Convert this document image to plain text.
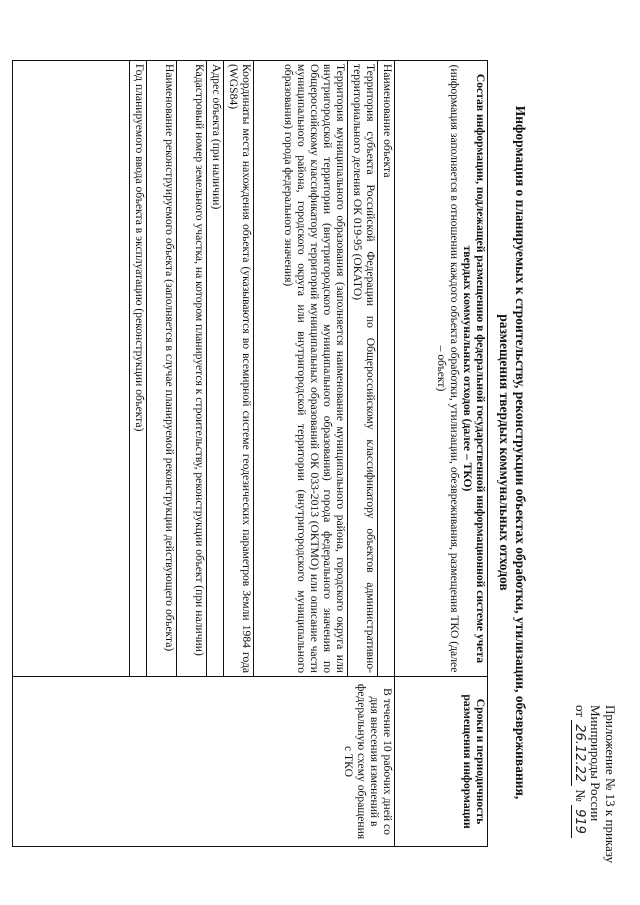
Приложение № 13 к приказу
Минприроды России
от 26.12.22 № 919
Информация о планируемых к строительству, реконструкции объектах обработки, утилизации, обезвреживания,
размещения твердых коммунальных отходов
Состав информации, подлежащей размещению в федеральной государственной информационной системе учета твердых коммунальных отходов (далее – ТКО)
(информация заполняется в отношении каждого объекта обработки, утилизации, обезвреживания, размещения ТКО (далее – объект)	Сроки и периодичность размещения информации
Наименование объекта	В течение 10 рабочих дней со дня внесения изменений в федеральную схему обращения с ТКО

Территория субъекта Российской Федерации по Общероссийскому классификатору объектов административно-территориального деления ОК 019-95 (ОКАТО)	
Территория муниципального образования (заполняется наименование муниципального района, городского округа или внутригородской территории (внутригородского муниципального образования) города федерального значения по Общероссийскому классификатору территорий муниципальных образований ОК 033-2013 (ОКТМО) или описание части муниципального района, городского округа или внутригородской территории (внутригородского муниципального образования) города федерального значения)	
Координаты места нахождения объекта (указываются во всемирной системе геодезических параметров Земли 1984 года (WGS84)	
Адрес объекта (при наличии)	
Кадастровый номер земельного участка, на котором планируется к строительству, реконструкции объект (при наличии)	
Наименование реконструируемого объекта (заполняется в случае планируемой реконструкции действующего объекта)	
Год планируемого ввода объекта в эксплуатацию (реконструкции объекта)	
